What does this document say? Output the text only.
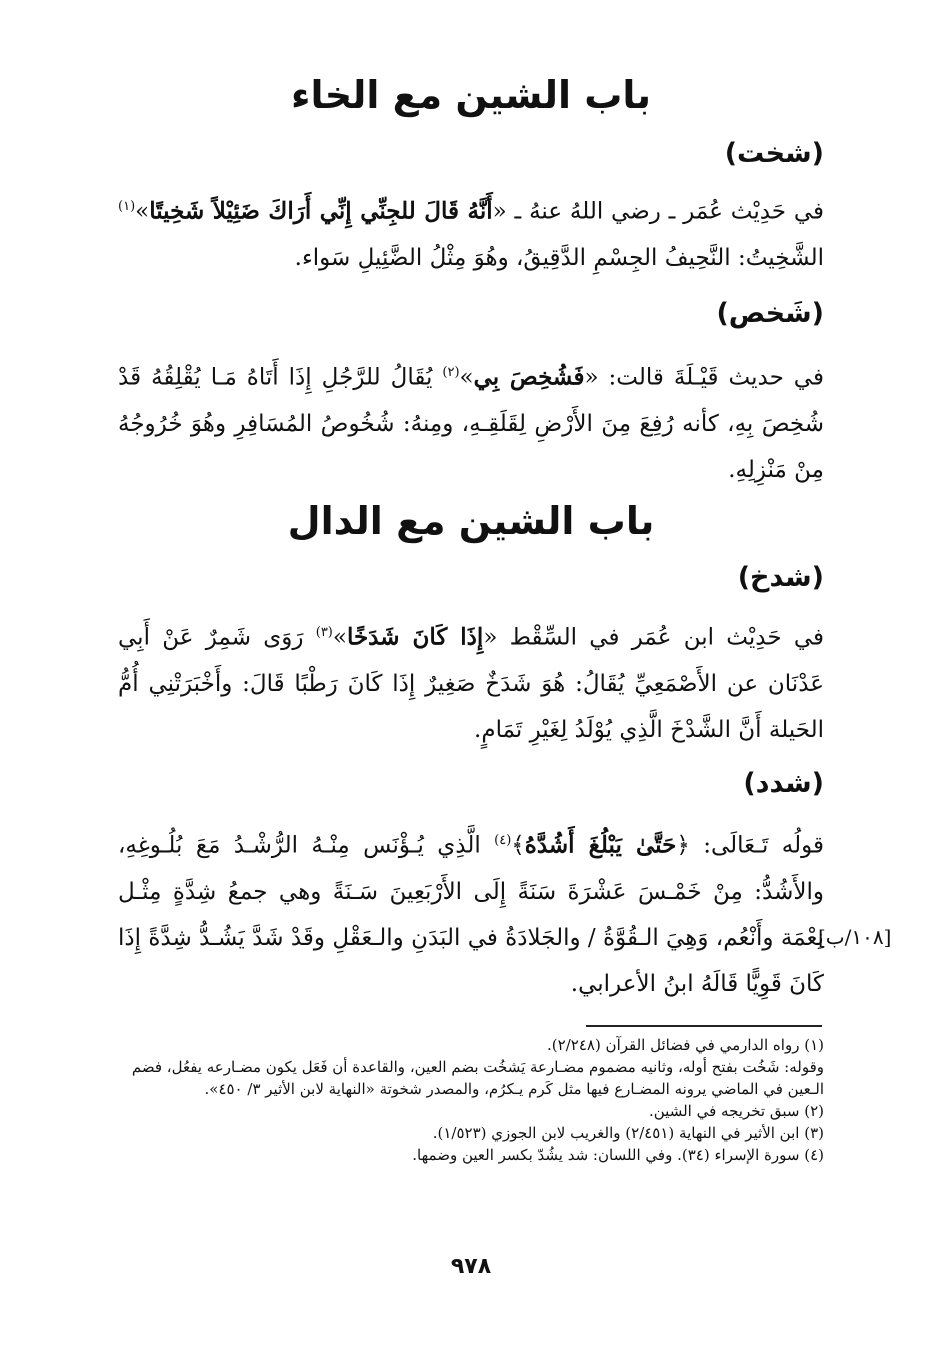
باب الشين مع الخاء
(شخت)

في حَدِيْث عُمَر ـ رضي اللهُ عنهُ ـ «أَنَّهُ قَالَ للجِنِّي إِنِّي أَرَاكَ ضَئِيْلاً شَخِيتًا»$^{(١)}$ الشَّخِيتُ: النَّحِيفُ الجِسْمِ الدَّقِيقُ، وهُوَ مِثْلُ الضَّئِيلِ سَواء.

(شَخص)

في حديث قَيْـلَةَ قالت: «فَشُخِصَ بِي»$^{(٢)}$ يُقَالُ للرَّجُلِ إِذَا أَتَاهُ مَـا يُقْلِقُهُ قَدْ شُخِصَ بِهِ، كأنه رُفِعَ مِنَ الأَرْضِ لِقَلَقِـهِ، ومِنهُ: شُخُوصُ المُسَافِرِ وهُوَ خُرُوجُهُ مِنْ مَنْزِلِهِ.

باب الشين مع الدال
(شدخ)

في حَدِيْث ابن عُمَر في السِّقْط «إِذَا كَانَ شَدَخًا»$^{(٣)}$ رَوَى شَمِرٌ عَنْ أَبِي عَدْنَان عن الأَصْمَعِيِّ يُقَالُ: هُوَ شَدَخٌ صَغِيرٌ إِذَا كَانَ رَطْبًا قَالَ: وأَخْبَرَتْنِي أُمُّ الحَيلة أَنَّ الشَّدْخَ الَّذِي يُوْلَدُ لِغَيْرِ تَمَامٍ.

(شدد)

قولُه تَـعَالَى: ﴿حَتَّىٰ يَبْلُغَ أَشُدَّهُ﴾$^{(٤)}$ الَّذِي يُـؤْنَس مِنْـهُ الرُّشْـدُ مَعَ بُلُـوغِهِ، والأَشُدُّ: مِنْ خَمْـسَ عَشْرَةَ سَنَةً إِلَى الأَرْبَعِينَ سَـنَةً وهي جمعُ شِدَّةٍ مِثْـل نِعْمَة وأَنْعُم، وَهِيَ الـقُوَّةُ / والجَلادَةُ في البَدَنِ والـعَقْلِ وقَدْ شَدَّ يَشُـدُّ شِدَّةً إِذَا كَانَ قَوِيًّا قَالَهُ ابنُ الأعرابي.

[١٠٨/ب]
(١) رواه الدارمي في فضائل القرآن (٢/٢٤٨).
وقوله: شَخُت بفتح أوله، وثانيه مضموم مضـارعة يَشخُت بضم العين، والقاعدة أن فَعَل يكون مضـارعه يفعُل، فضم الـعين في الماضي يرونه المضـارع فيها مثل كَرم يـكرُم، والمصدر شخوتة «النهاية لابن الأثير ٣/ ٤٥٠».
(٢) سبق تخريجه في الشين.
(٣) ابن الأثير في النهاية (٢/٤٥١) والغريب لابن الجوزي (١/٥٢٣).
(٤) سورة الإسراء (٣٤). وفي اللسان: شد يشُدّ بكسر العين وضمها.
٩٧٨
